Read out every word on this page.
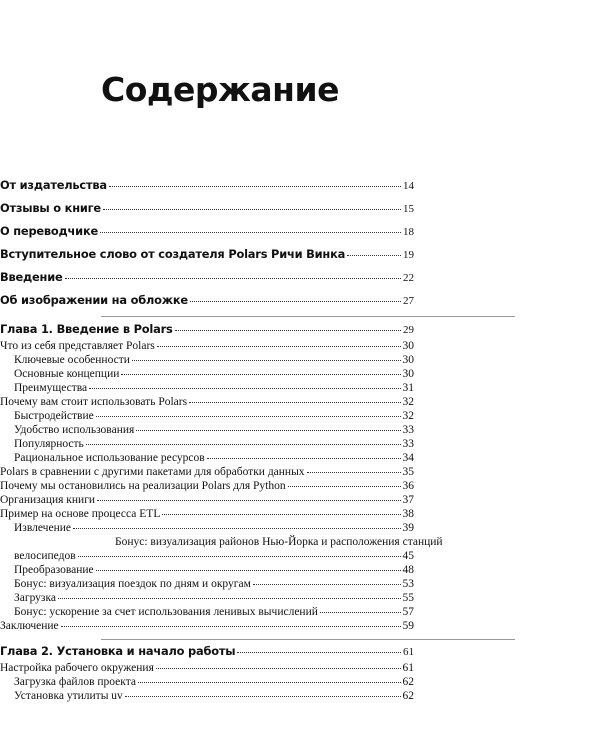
Содержание
От издательства	14
Отзывы о книге	15
О переводчике	18
Вступительное слово от создателя Polars Ричи Винка	19
Введение	22
Об изображении на обложке	27
Глава 1. Введение в Polars	29
Что из себя представляет Polars	30
Ключевые особенности	30
Основные концепции	30
Преимущества	31
Почему вам стоит использовать Polars	32
Быстродействие	32
Удобство использования	33
Популярность	33
Рациональное использование ресурсов	34
Polars в сравнении с другими пакетами для обработки данных	35
Почему мы остановились на реализации Polars для Python	36
Организация книги	37
Пример на основе процесса ETL	38
Извлечение	39
Бонус: визуализация районов Нью-Йорка и расположения станций
велосипедов	45
Преобразование	48
Бонус: визуализация поездок по дням и округам	53
Загрузка	55
Бонус: ускорение за счет использования ленивых вычислений	57
Заключение	59
Глава 2. Установка и начало работы	61
Настройка рабочего окружения	61
Загрузка файлов проекта	62
Установка утилиты uv	62
